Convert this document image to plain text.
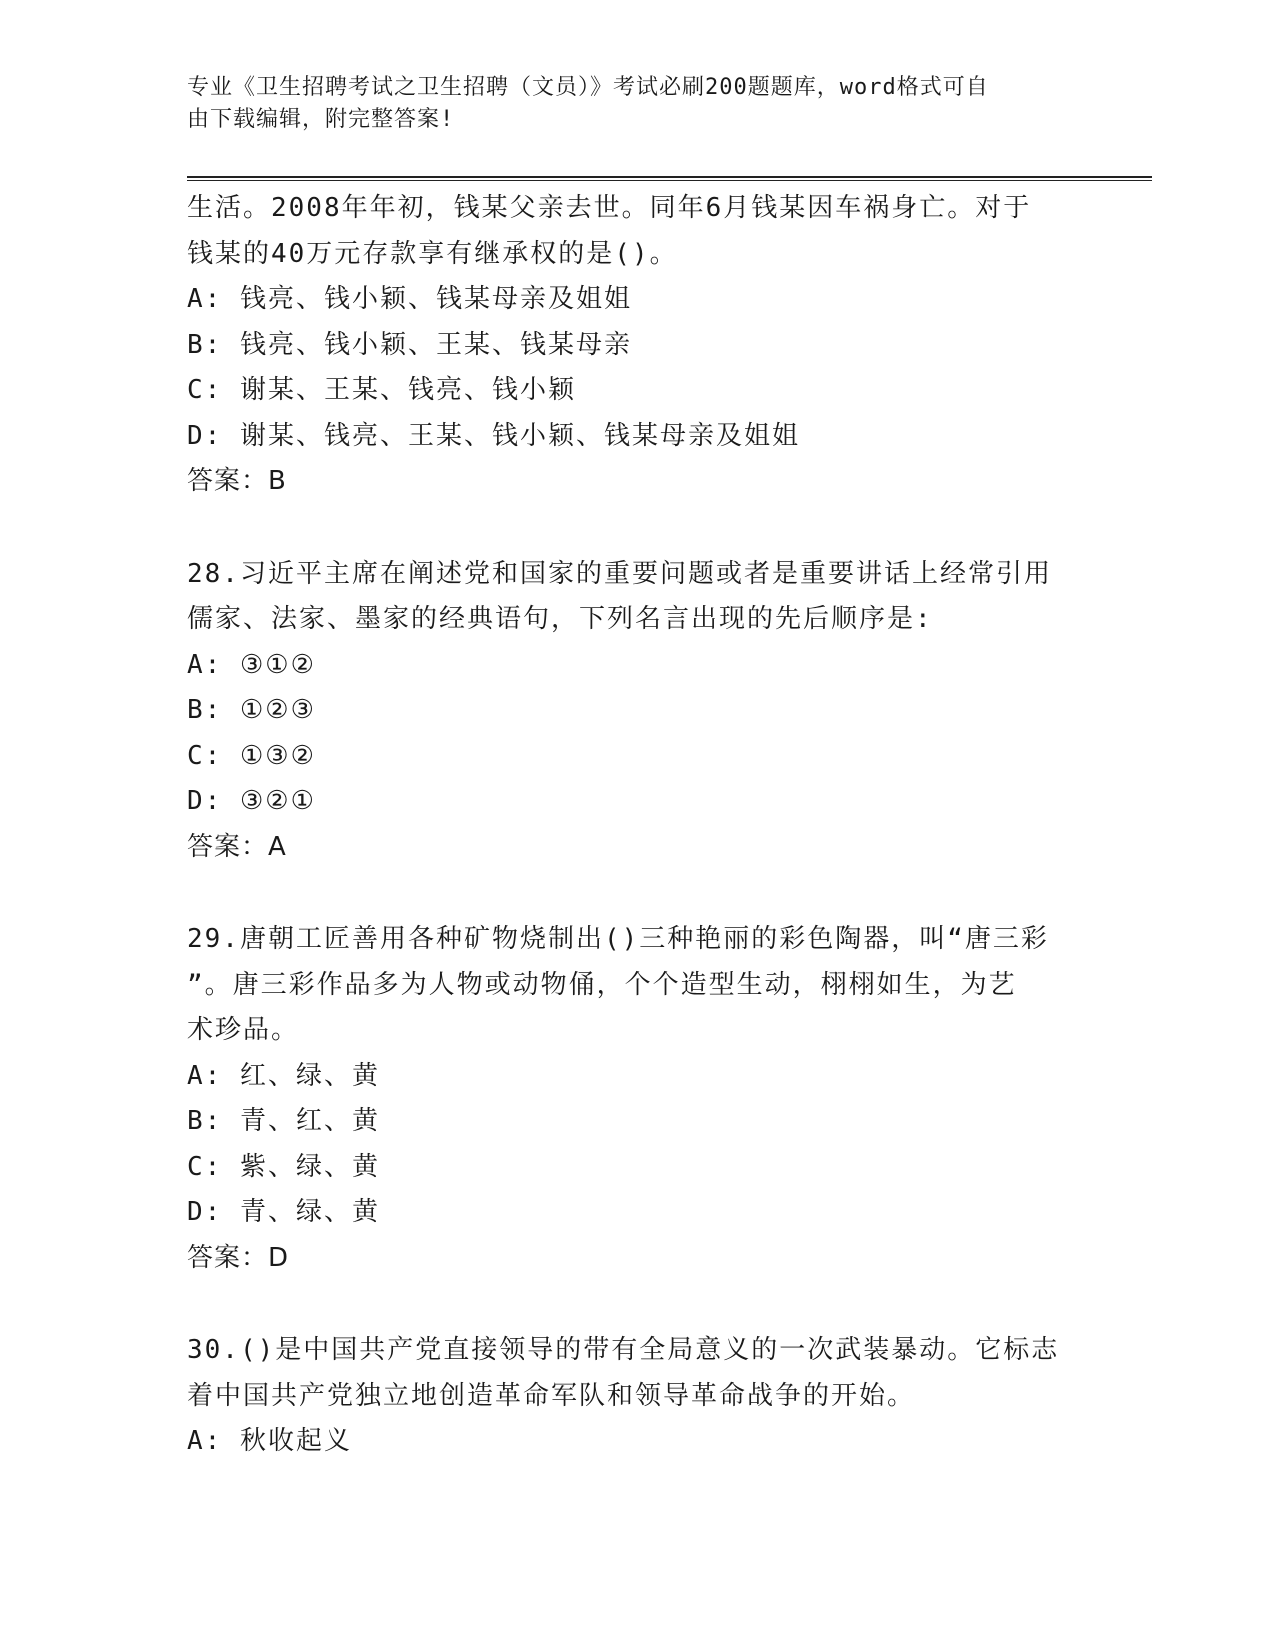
专业《卫生招聘考试之卫生招聘（文员）》考试必刷200题题库，word格式可自
由下载编辑，附完整答案!
生活。2008年年初，钱某父亲去世。同年6月钱某因车祸身亡。对于
钱某的40万元存款享有继承权的是()。
A: 钱亮、钱小颖、钱某母亲及姐姐
B: 钱亮、钱小颖、王某、钱某母亲
C: 谢某、王某、钱亮、钱小颖
D: 谢某、钱亮、王某、钱小颖、钱某母亲及姐姐
答案：B
28.习近平主席在阐述党和国家的重要问题或者是重要讲话上经常引用
儒家、法家、墨家的经典语句，下列名言出现的先后顺序是:
A: ③①②
B: ①②③
C: ①③②
D: ③②①
答案：A
29.唐朝工匠善用各种矿物烧制出()三种艳丽的彩色陶器，叫“唐三彩
”。唐三彩作品多为人物或动物俑，个个造型生动，栩栩如生，为艺
术珍品。
A: 红、绿、黄
B: 青、红、黄
C: 紫、绿、黄
D: 青、绿、黄
答案：D
30.()是中国共产党直接领导的带有全局意义的一次武装暴动。它标志
着中国共产党独立地创造革命军队和领导革命战争的开始。
A: 秋收起义
